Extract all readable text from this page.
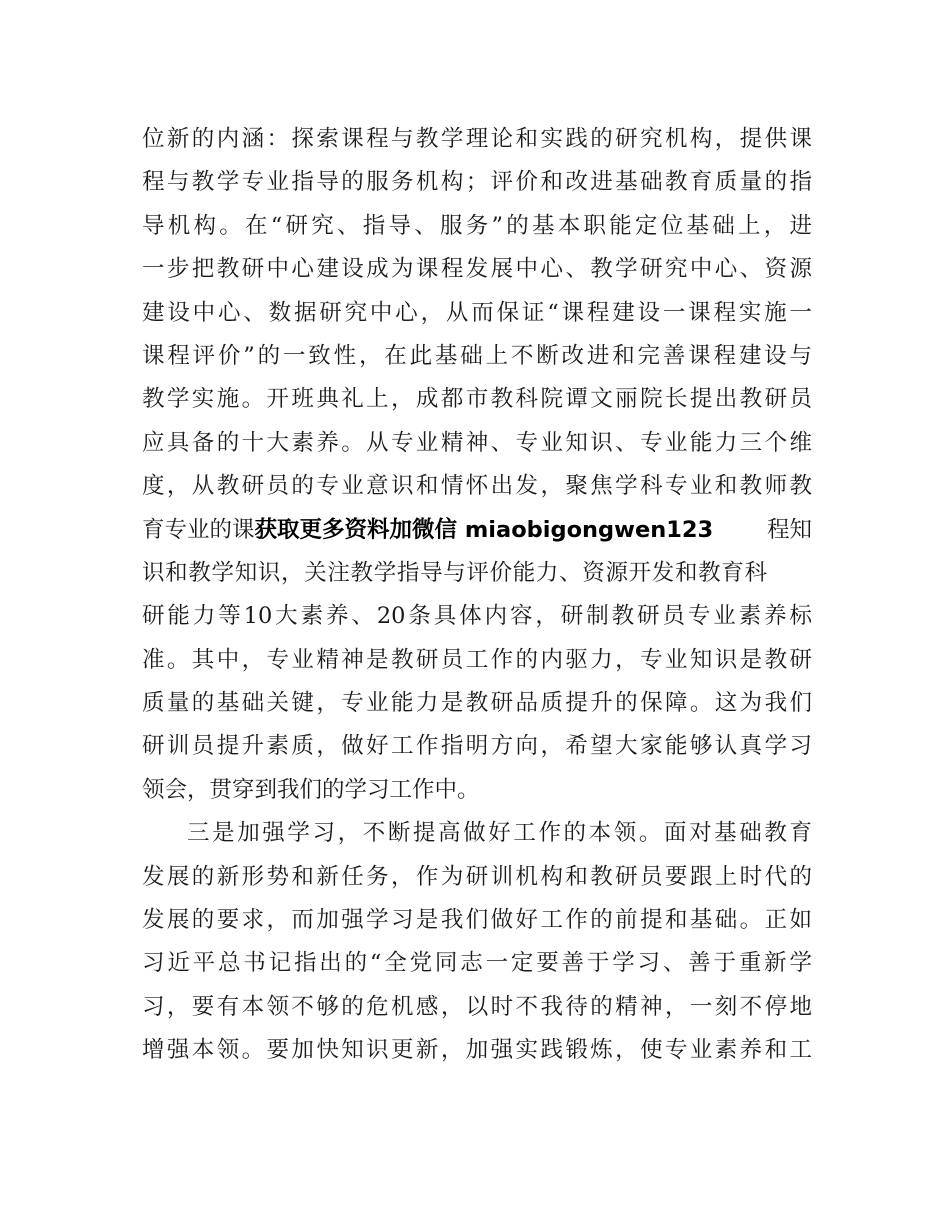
位新的内涵：探索课程与教学理论和实践的研究机构，提供课
程与教学专业指导的服务机构；评价和改进基础教育质量的指
导机构。在“研究、指导、服务”的基本职能定位基础上，进
一步把教研中心建设成为课程发展中心、教学研究中心、资源
建设中心、数据研究中心，从而保证“课程建设一课程实施一
课程评价”的一致性，在此基础上不断改进和完善课程建设与
教学实施。开班典礼上，成都市教科院谭文丽院长提出教研员
应具备的十大素养。从专业精神、专业知识、专业能力三个维
度，从教研员的专业意识和情怀出发，聚焦学科专业和教师教
育专业的课获取更多资料加微信 miaobigongwen123 程知
识和教学知识，关注教学指导与评价能力、资源开发和教育科
研能力等10大素养、20条具体内容，研制教研员专业素养标
准。其中，专业精神是教研员工作的内驱力，专业知识是教研
质量的基础关键，专业能力是教研品质提升的保障。这为我们
研训员提升素质，做好工作指明方向，希望大家能够认真学习
领会，贯穿到我们的学习工作中。
三是加强学习，不断提高做好工作的本领。面对基础教育
发展的新形势和新任务，作为研训机构和教研员要跟上时代的
发展的要求，而加强学习是我们做好工作的前提和基础。正如
习近平总书记指出的“全党同志一定要善于学习、善于重新学
习，要有本领不够的危机感，以时不我待的精神，一刻不停地
增强本领。要加快知识更新，加强实践锻炼，使专业素养和工
